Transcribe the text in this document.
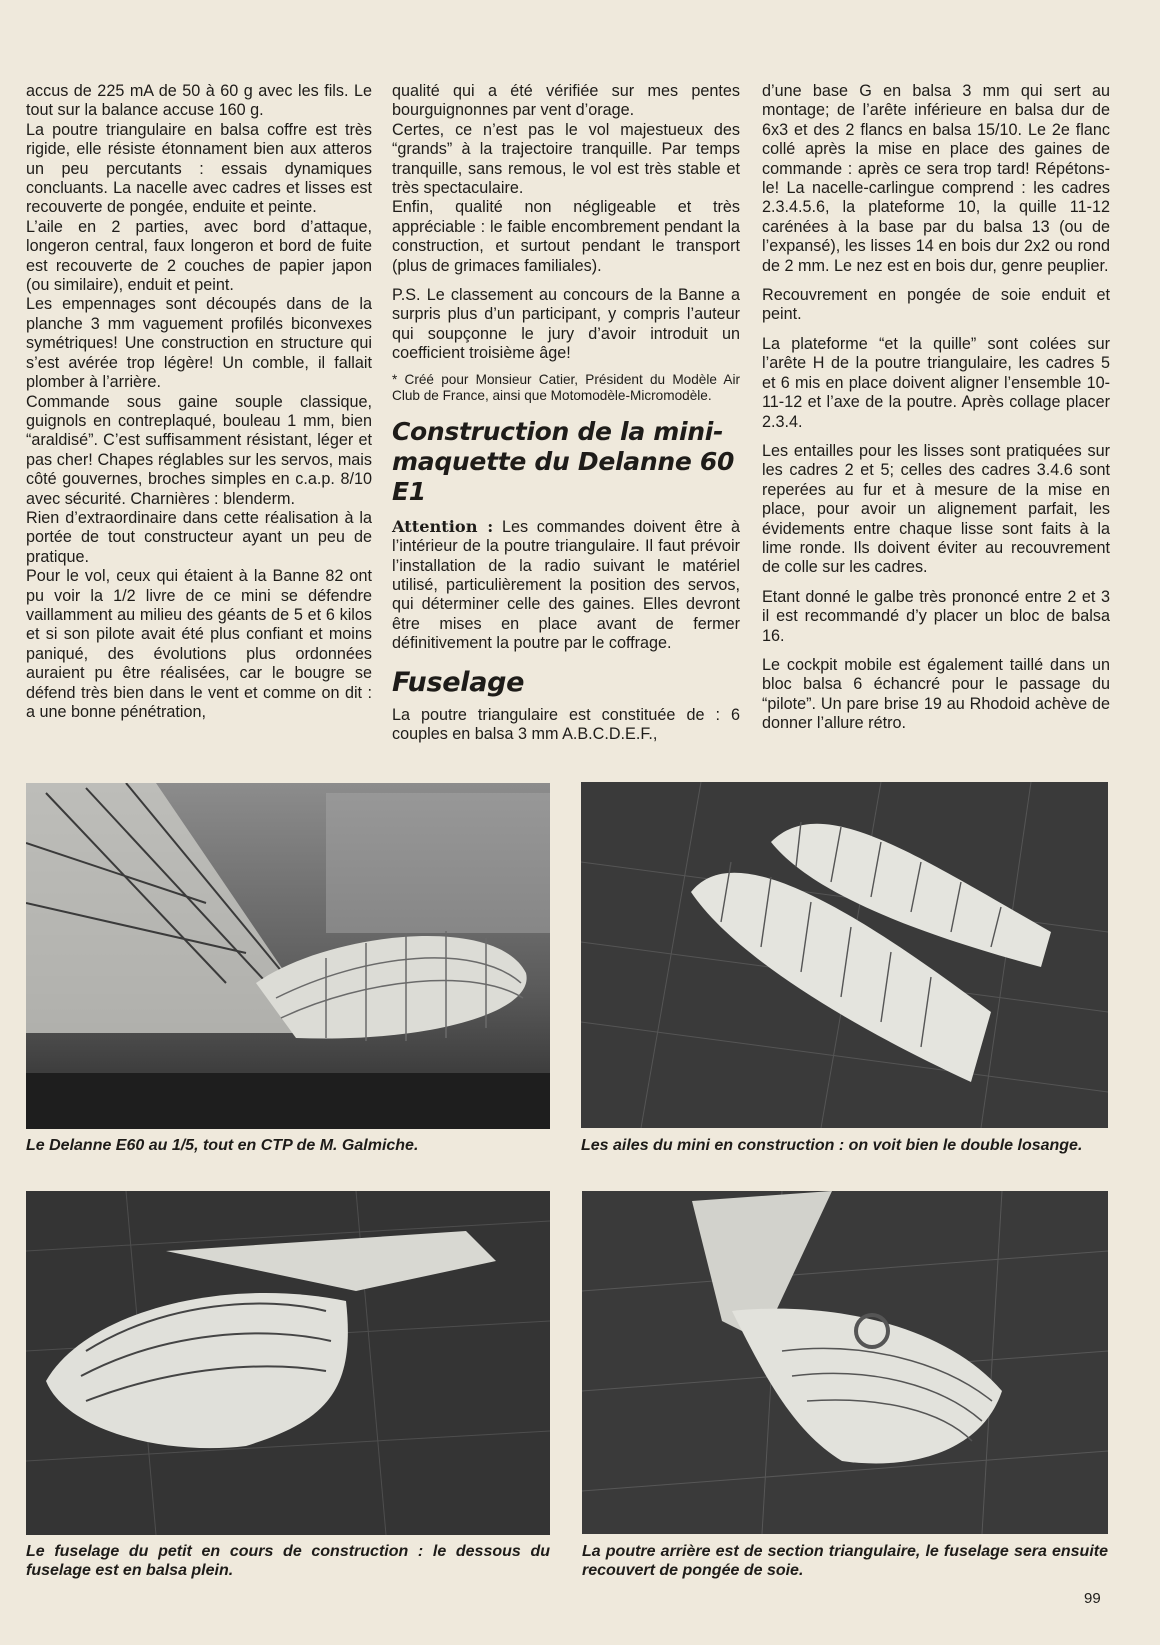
accus de 225 mA de 50 à 60 g avec les fils. Le tout sur la balance accuse 160 g.

La poutre triangulaire en balsa coffre est très rigide, elle résiste étonnament bien aux atteros un peu percutants : essais dynamiques concluants. La nacelle avec cadres et lisses est recouverte de pongée, enduite et peinte.

L’aile en 2 parties, avec bord d’attaque, longeron central, faux longeron et bord de fuite est recouverte de 2 couches de papier japon (ou similaire), enduit et peint.

Les empennages sont découpés dans de la planche 3 mm vaguement profilés biconvexes symétriques! Une construction en structure qui s’est avérée trop légère! Un comble, il fallait plomber à l’arrière.

Commande sous gaine souple classique, guignols en contreplaqué, bouleau 1 mm, bien “araldisé”. C’est suffisamment résistant, léger et pas cher! Chapes réglables sur les servos, mais côté gouvernes, broches simples en c.a.p. 8/10 avec sécurité. Charnières : blenderm.

Rien d’extraordinaire dans cette réalisation à la portée de tout constructeur ayant un peu de pratique.

Pour le vol, ceux qui étaient à la Banne 82 ont pu voir la 1/2 livre de ce mini se défendre vaillamment au milieu des géants de 5 et 6 kilos et si son pilote avait été plus confiant et moins paniqué, des évolutions plus ordonnées auraient pu être réalisées, car le bougre se défend très bien dans le vent et comme on dit : a une bonne pénétration,

qualité qui a été vérifiée sur mes pentes bourguignonnes par vent d’orage.

Certes, ce n’est pas le vol majestueux des “grands” à la trajectoire tranquille. Par temps tranquille, sans remous, le vol est très stable et très spectaculaire.

Enfin, qualité non négligeable et très appréciable : le faible encombrement pendant la construction, et surtout pendant le transport (plus de grimaces familiales).

P.S. Le classement au concours de la Banne a surpris plus d’un participant, y compris l’auteur qui soupçonne le jury d’avoir introduit un coefficient troisième âge!

* Créé pour Monsieur Catier, Président du Modèle Air Club de France, ainsi que Motomodèle-Micromodèle.

Construction de la mini-maquette du Delanne 60 E1

Attention : Les commandes doivent être à l’intérieur de la poutre triangulaire. Il faut prévoir l’installation de la radio suivant le matériel utilisé, particulièrement la position des servos, qui déterminer celle des gaines. Elles devront être mises en place avant de fermer définitivement la poutre par le coffrage.

Fuselage

La poutre triangulaire est constituée de : 6 couples en balsa 3 mm A.B.C.D.E.F.,

d’une base G en balsa 3 mm qui sert au montage; de l’arête inférieure en balsa dur de 6x3 et des 2 flancs en balsa 15/10. Le 2e flanc collé après la mise en place des gaines de commande : après ce sera trop tard! Répétons-le! La nacelle-carlingue comprend : les cadres 2.3.4.5.6, la plateforme 10, la quille 11-12 carénées à la base par du balsa 13 (ou de l’expansé), les lisses 14 en bois dur 2x2 ou rond de 2 mm. Le nez est en bois dur, genre peuplier.

Recouvrement en pongée de soie enduit et peint.

La plateforme “et la quille” sont colées sur l’arête H de la poutre triangulaire, les cadres 5 et 6 mis en place doivent aligner l’ensemble 10-11-12 et l’axe de la poutre. Après collage placer 2.3.4.

Les entailles pour les lisses sont pratiquées sur les cadres 2 et 5; celles des cadres 3.4.6 sont reperées au fur et à mesure de la mise en place, pour avoir un alignement parfait, les évidements entre chaque lisse sont faits à la lime ronde. Ils doivent éviter au recouvrement de colle sur les cadres.

Etant donné le galbe très prononcé entre 2 et 3 il est recommandé d’y placer un bloc de balsa 16.

Le cockpit mobile est également taillé dans un bloc balsa 6 échancré pour le passage du “pilote”. Un pare brise 19 au Rhodoid achève de donner l’allure rétro.

Le Delanne E60 au 1/5, tout en CTP de M. Galmiche.	Les ailes du mini en construction : on voit bien le double losange.
Le fuselage du petit en cours de construction : le dessous du fuselage est en balsa plein.
La poutre arrière est de section triangulaire, le fuselage sera ensuite recouvert de pongée de soie.
99
